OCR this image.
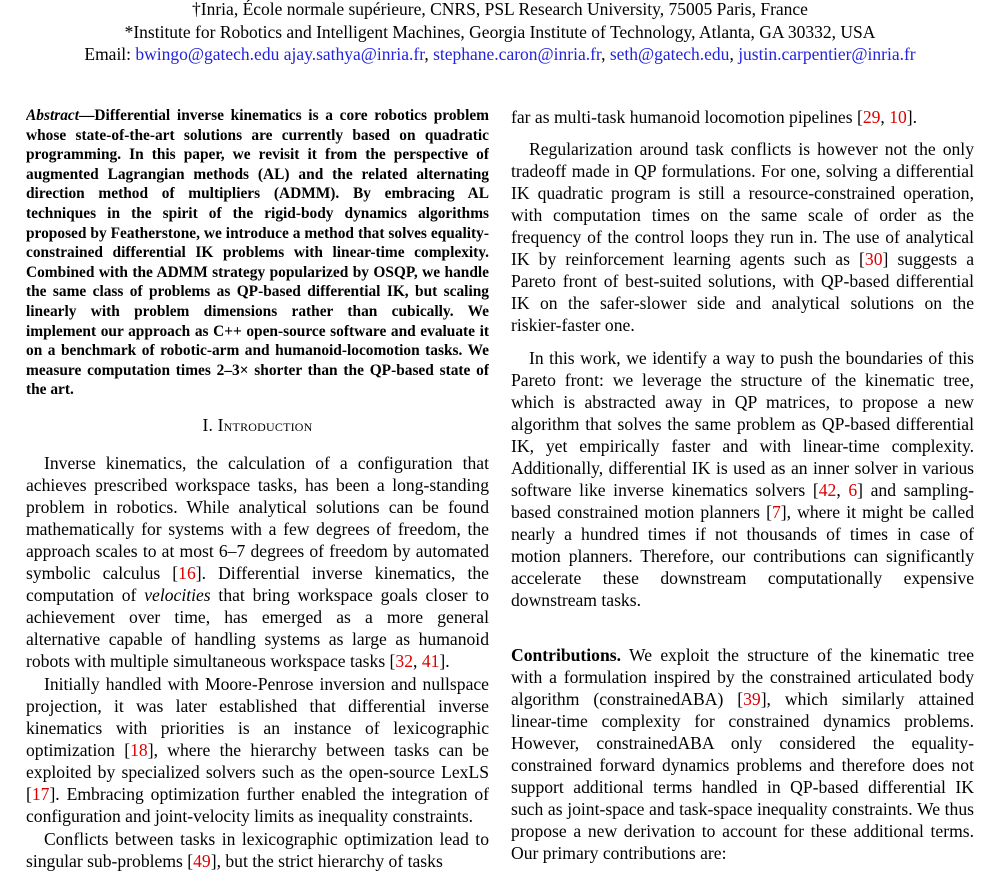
†Inria, École normale supérieure, CNRS, PSL Research University, 75005 Paris, France
*Institute for Robotics and Intelligent Machines, Georgia Institute of Technology, Atlanta, GA 30332, USA
Email: bwingo@gatech.edu ajay.sathya@inria.fr, stephane.caron@inria.fr, seth@gatech.edu, justin.carpentier@inria.fr

Abstract—Differential inverse kinematics is a core robotics problem whose state-of-the-art solutions are currently based on quadratic programming. In this paper, we revisit it from the perspective of augmented Lagrangian methods (AL) and the related alternating direction method of multipliers (ADMM). By embracing AL techniques in the spirit of the rigid-body dynamics algorithms proposed by Featherstone, we introduce a method that solves equality-constrained differential IK problems with linear-time complexity. Combined with the ADMM strategy popularized by OSQP, we handle the same class of problems as QP-based differential IK, but scaling linearly with problem dimensions rather than cubically. We implement our approach as C++ open-source software and evaluate it on a benchmark of robotic-arm and humanoid-locomotion tasks. We measure computation times 2–3× shorter than the QP-based state of the art.

I. Introduction

Inverse kinematics, the calculation of a configuration that achieves prescribed workspace tasks, has been a long-standing problem in robotics. While analytical solutions can be found mathematically for systems with a few degrees of freedom, the approach scales to at most 6–7 degrees of freedom by automated symbolic calculus [16]. Differential inverse kinematics, the computation of velocities that bring workspace goals closer to achievement over time, has emerged as a more general alternative capable of handling systems as large as humanoid robots with multiple simultaneous workspace tasks [32, 41].

Initially handled with Moore-Penrose inversion and nullspace projection, it was later established that differential inverse kinematics with priorities is an instance of lexicographic optimization [18], where the hierarchy between tasks can be exploited by specialized solvers such as the open-source LexLS [17]. Embracing optimization further enabled the integration of configuration and joint-velocity limits as inequality constraints.

Conflicts between tasks in lexicographic optimization lead to singular sub-problems [49], but the strict hierarchy of tasks

far as multi-task humanoid locomotion pipelines [29, 10].

Regularization around task conflicts is however not the only tradeoff made in QP formulations. For one, solving a differential IK quadratic program is still a resource-constrained operation, with computation times on the same scale of order as the frequency of the control loops they run in. The use of analytical IK by reinforcement learning agents such as [30] suggests a Pareto front of best-suited solutions, with QP-based differential IK on the safer-slower side and analytical solutions on the riskier-faster one.

In this work, we identify a way to push the boundaries of this Pareto front: we leverage the structure of the kinematic tree, which is abstracted away in QP matrices, to propose a new algorithm that solves the same problem as QP-based differential IK, yet empirically faster and with linear-time complexity. Additionally, differential IK is used as an inner solver in various software like inverse kinematics solvers [42, 6] and sampling-based constrained motion planners [7], where it might be called nearly a hundred times if not thousands of times in case of motion planners. Therefore, our contributions can significantly accelerate these downstream computationally expensive downstream tasks.

Contributions. We exploit the structure of the kinematic tree with a formulation inspired by the constrained articulated body algorithm (constrainedABA) [39], which similarly attained linear-time complexity for constrained dynamics problems. However, constrainedABA only considered the equality-constrained forward dynamics problems and therefore does not support additional terms handled in QP-based differential IK such as joint-space and task-space inequality constraints. We thus propose a new derivation to account for these additional terms. Our primary contributions are:
